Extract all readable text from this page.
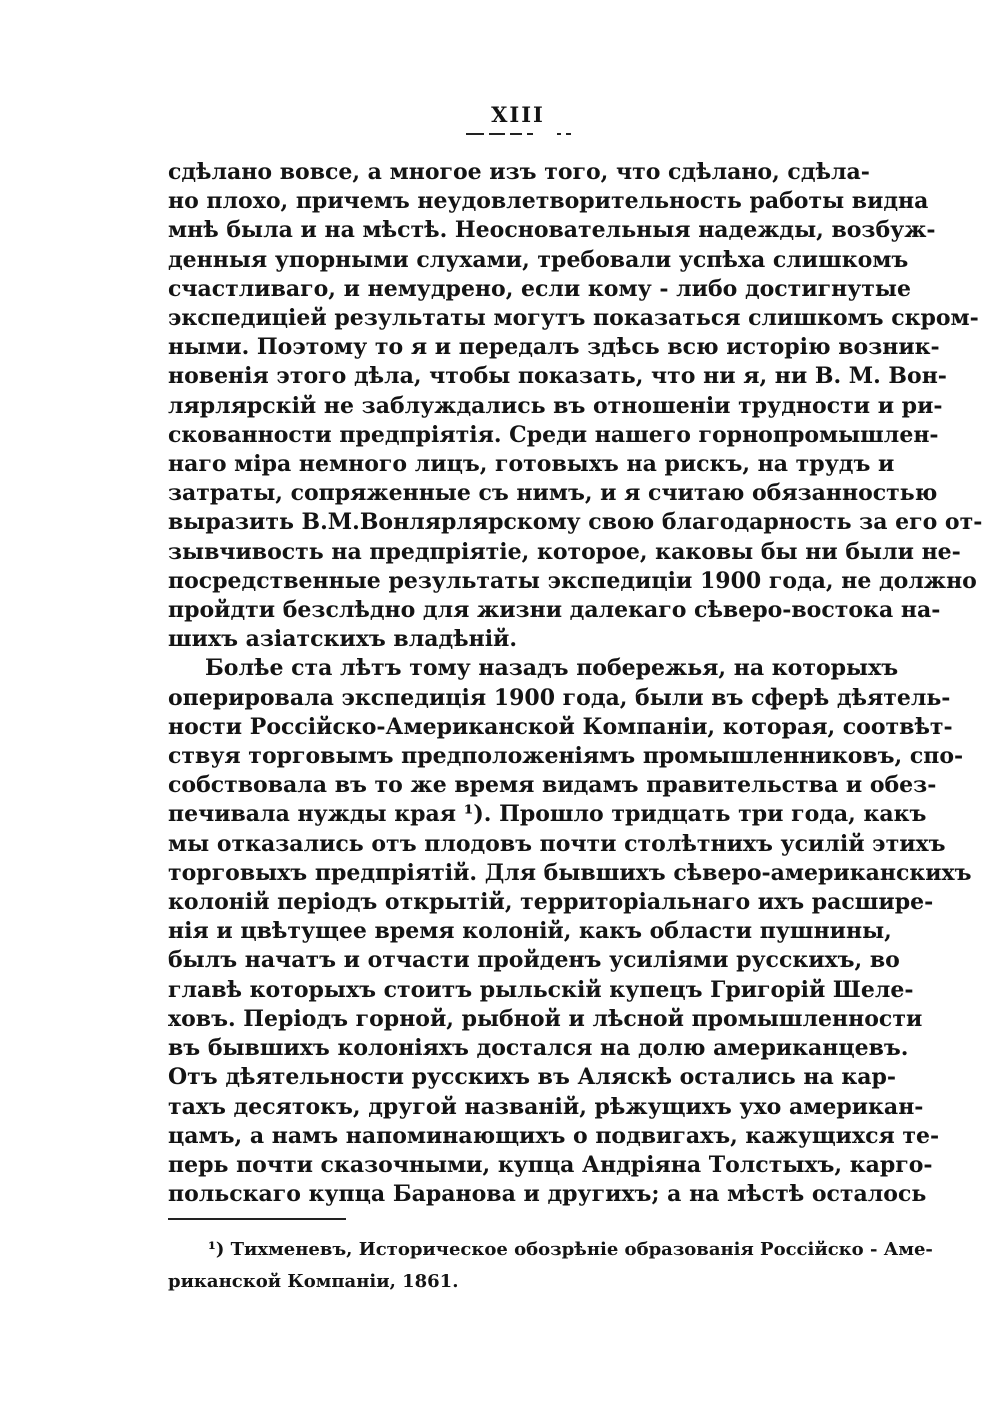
XIII
сдѣлано вовсе, а многое изъ того, что сдѣлано, сдѣла-
но плохо, причемъ неудовлетворительность работы видна
мнѣ была и на мѣстѣ. Неосновательныя надежды, возбуж-
денныя упорными слухами, требовали успѣха слишкомъ
счастливаго, и немудрено, если кому - либо достигнутые
экспедиціей результаты могутъ показаться слишкомъ скром-
ными. Поэтому то я и передалъ здѣсь всю исторію возник-
новенія этого дѣла, чтобы показать, что ни я, ни В. М. Вон-
лярлярскій не заблуждались въ отношеніи трудности и ри-
скованности предпріятія. Среди нашего горнопромышлен-
наго міра немного лицъ, готовыхъ на рискъ, на трудъ и
затраты, сопряженные съ нимъ, и я считаю обязанностью
выразить В.М.Вонлярлярскому свою благодарность за его от-
зывчивость на предпріятіе, которое, каковы бы ни были не-
посредственные результаты экспедиціи 1900 года, не должно
пройдти безслѣдно для жизни далекаго сѣверо-востока на-
шихъ азіатскихъ владѣній.
Болѣе ста лѣтъ тому назадъ побережья, на которыхъ
оперировала экспедиція 1900 года, были въ сферѣ дѣятель-
ности Россійско-Американской Компаніи, которая, соотвѣт-
ствуя торговымъ предположеніямъ промышленниковъ, спо-
собствовала въ то же время видамъ правительства и обез-
печивала нужды края ¹). Прошло тридцать три года, какъ
мы отказались отъ плодовъ почти столѣтнихъ усилій этихъ
торговыхъ предпріятій. Для бывшихъ сѣверо-американскихъ
колоній періодъ открытій, территоріальнаго ихъ расшире-
нія и цвѣтущее время колоній, какъ области пушнины,
былъ начатъ и отчасти пройденъ усиліями русскихъ, во
главѣ которыхъ стоитъ рыльскій купецъ Григорій Шеле-
ховъ. Періодъ горной, рыбной и лѣсной промышленности
въ бывшихъ колоніяхъ достался на долю американцевъ.
Отъ дѣятельности русскихъ въ Аляскѣ остались на кар-
тахъ десятокъ, другой названій, рѣжущихъ ухо американ-
цамъ, а намъ напоминающихъ о подвигахъ, кажущихся те-
перь почти сказочными, купца Андріяна Толстыхъ, карго-
польскаго купца Баранова и другихъ; а на мѣстѣ осталось
¹) Тихменевъ, Историческое обозрѣніе образованія Россійско - Аме-
риканской Компаніи, 1861.
